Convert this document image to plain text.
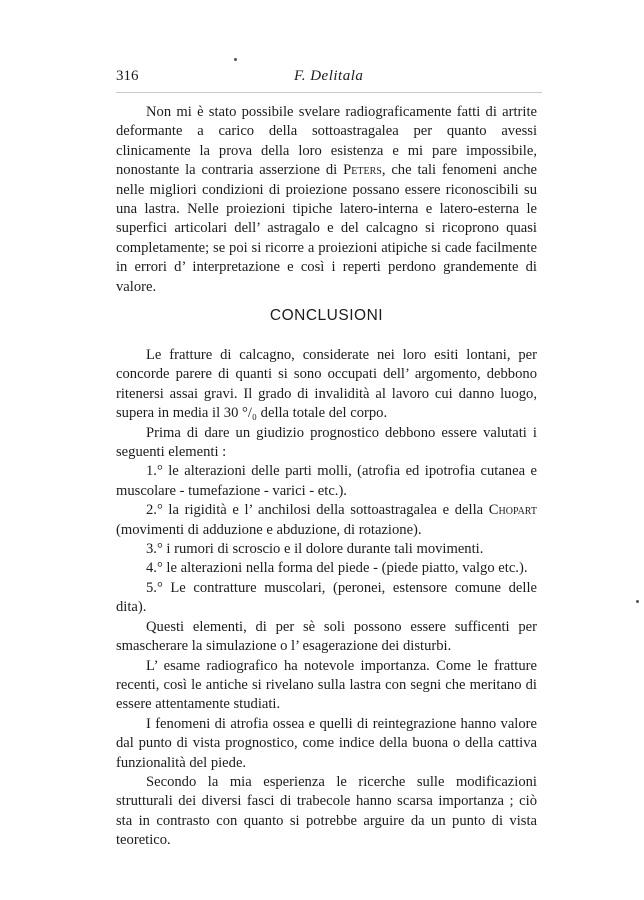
316	F. Delitala

Non mi è stato possibile svelare radiograficamente fatti di artrite deformante a carico della sottoastragalea per quanto avessi clinicamente la prova della loro esistenza e mi pare impossibile, nonostante la contraria asserzione di Peters, che tali fenomeni anche nelle migliori condizioni di proiezione possano essere riconoscibili su una lastra. Nelle proiezioni tipiche latero-interna e latero-esterna le superfici articolari dell’ astragalo e del calcagno si ricoprono quasi completamente; se poi si ricorre a proiezioni atipiche si cade facilmente in errori d’ interpretazione e così i reperti perdono grandemente di valore.

CONCLUSIONI

Le fratture di calcagno, considerate nei loro esiti lontani, per concorde parere di quanti si sono occupati dell’ argomento, debbono ritenersi assai gravi. Il grado di invalidità al lavoro cui danno luogo, supera in media il 30 °/₀ della totale del corpo.

Prima di dare un giudizio prognostico debbono essere valutati i seguenti elementi :

1.° le alterazioni delle parti molli, (atrofia ed ipotrofia cutanea e muscolare - tumefazione - varici - etc.).

2.° la rigidità e l’ anchilosi della sottoastragalea e della Chopart (movimenti di adduzione e abduzione, di rotazione).

3.° i rumori di scroscio e il dolore durante tali movimenti.

4.° le alterazioni nella forma del piede - (piede piatto, valgo etc.).

5.° Le contratture muscolari, (peronei, estensore comune delle dita).

Questi elementi, di per sè soli possono essere sufficenti per smascherare la simulazione o l’ esagerazione dei disturbi.

L’ esame radiografico ha notevole importanza. Come le fratture recenti, così le antiche si rivelano sulla lastra con segni che meritano di essere attentamente studiati.

I fenomeni di atrofia ossea e quelli di reintegrazione hanno valore dal punto di vista prognostico, come indice della buona o della cattiva funzionalità del piede.

Secondo la mia esperienza le ricerche sulle modificazioni strutturali dei diversi fasci di trabecole hanno scarsa importanza ; ciò sta in contrasto con quanto si potrebbe arguire da un punto di vista teoretico.
